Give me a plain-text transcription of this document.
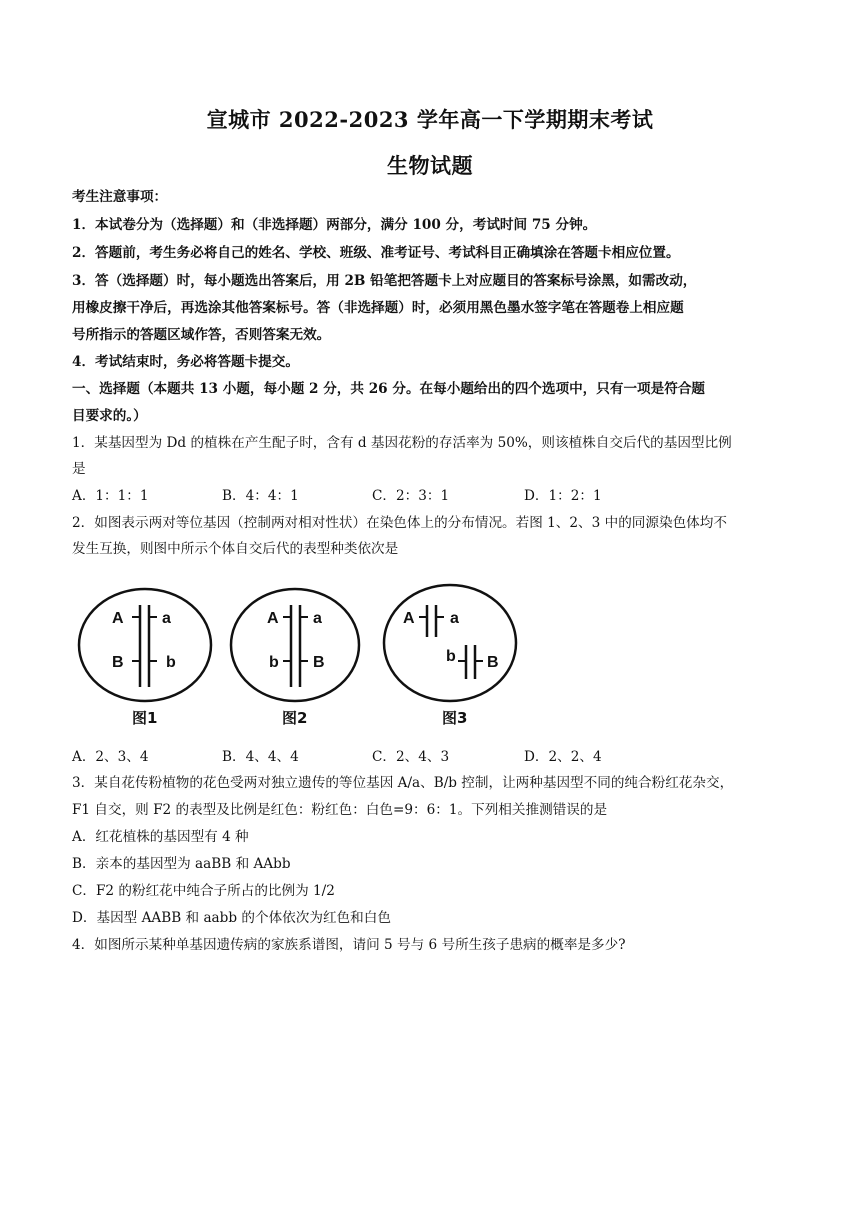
宣城市 2022-2023 学年高一下学期期末考试
生物试题
考生注意事项：
1．本试卷分为（选择题）和（非选择题）两部分，满分 100 分，考试时间 75 分钟。
2．答题前，考生务必将自己的姓名、学校、班级、准考证号、考试科目正确填涂在答题卡相应位置。
3．答（选择题）时，每小题选出答案后，用 2B 铅笔把答题卡上对应题目的答案标号涂黑，如需改动，
用橡皮擦干净后，再选涂其他答案标号。答（非选择题）时，必须用黑色墨水签字笔在答题卷上相应题
号所指示的答题区域作答，否则答案无效。
4．考试结束时，务必将答题卡提交。
一、选择题（本题共 13 小题，每小题 2 分，共 26 分。在每小题给出的四个选项中，只有一项是符合题
目要求的。）
1．某基因型为 Dd 的植株在产生配子时，含有 d 基因花粉的存活率为 50%，则该植株自交后代的基因型比例
是
A．1：1：1	B．4：4：1	C．2：3：1	D．1：2：1
2．如图表示两对等位基因（控制两对相对性状）在染色体上的分布情况。若图 1、2、3 中的同源染色体均不
发生互换，则图中所示个体自交后代的表型种类依次是
A a
B	b
图1
A a
b B
图2
A a
b B
图3
A．2、3、4	B．4、4、4	C．2、4、3	D．2、2、4
3．某自花传粉植物的花色受两对独立遗传的等位基因 A/a、B/b 控制，让两种基因型不同的纯合粉红花杂交，
F1 自交，则 F2 的表型及比例是红色：粉红色：白色=9：6：1。下列相关推测错误的是
A．红花植株的基因型有 4 种
B．亲本的基因型为 aaBB 和 AAbb
C．F2 的粉红花中纯合子所占的比例为 1/2
D．基因型 AABB 和 aabb 的个体依次为红色和白色
4．如图所示某种单基因遗传病的家族系谱图，请问 5 号与 6 号所生孩子患病的概率是多少?
